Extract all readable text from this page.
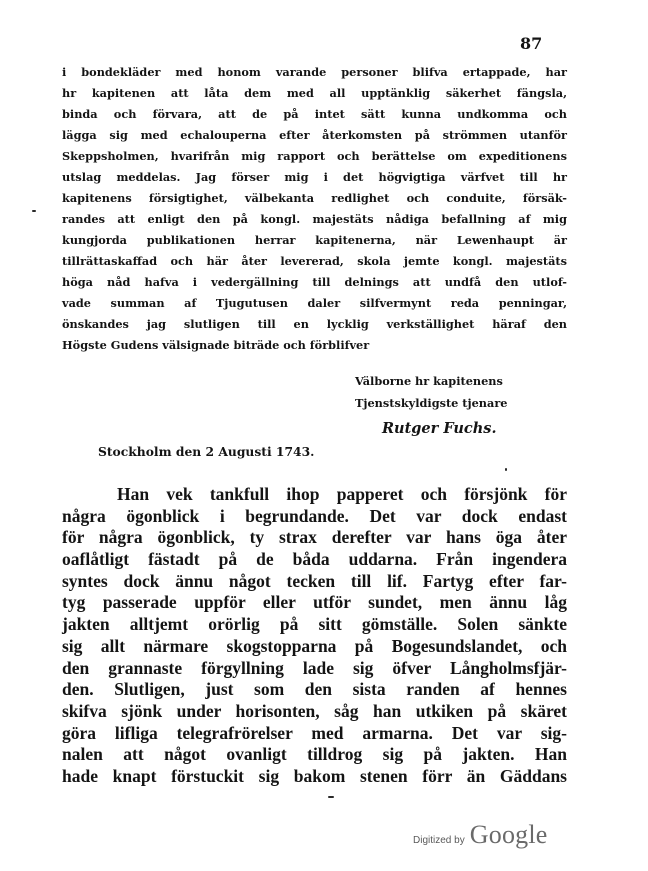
87
i bondekläder med honom varande personer blifva ertappade, har
hr kapitenen att låta dem med all upptänklig säkerhet fängsla,
binda och förvara, att de på intet sätt kunna undkomma och
lägga sig med echalouperna efter återkomsten på strömmen utanför
Skeppsholmen, hvarifrån mig rapport och berättelse om expeditionens
utslag meddelas. Jag förser mig i det högvigtiga värfvet till hr
kapitenens försigtighet, välbekanta redlighet och conduite, försäk-
randes att enligt den på kongl. majestäts nådiga befallning af mig
kungjorda publikationen herrar kapitenerna, när Lewenhaupt är
tillrättaskaffad och här åter levererad, skola jemte kongl. majestäts
höga nåd hafva i vedergällning till delnings att undfå den utlof-
vade summan af Tjugutusen daler silfvermynt reda penningar,
önskandes jag slutligen till en lycklig verkställighet häraf den
Högste Gudens välsignade biträde och förblifver
Välborne hr kapitenens
Tjenstskyldigste tjenare
Rutger Fuchs.
Stockholm den 2 Augusti 1743.
Han vek tankfull ihop papperet och försjönk för
några ögonblick i begrundande. Det var dock endast
för några ögonblick, ty strax derefter var hans öga åter
oaflåtligt fästadt på de båda uddarna. Från ingendera
syntes dock ännu något tecken till lif. Fartyg efter far-
tyg passerade uppför eller utför sundet, men ännu låg
jakten alltjemt orörlig på sitt gömställe. Solen sänkte
sig allt närmare skogstopparna på Bogesundslandet, och
den grannaste förgyllning lade sig öfver Långholmsfjär-
den. Slutligen, just som den sista randen af hennes
skifva sjönk under horisonten, såg han utkiken på skäret
göra lifliga telegrafrörelser med armarna. Det var sig-
nalen att något ovanligt tilldrog sig på jakten. Han
hade knapt förstuckit sig bakom stenen förr än Gäddans
Digitized by Google
